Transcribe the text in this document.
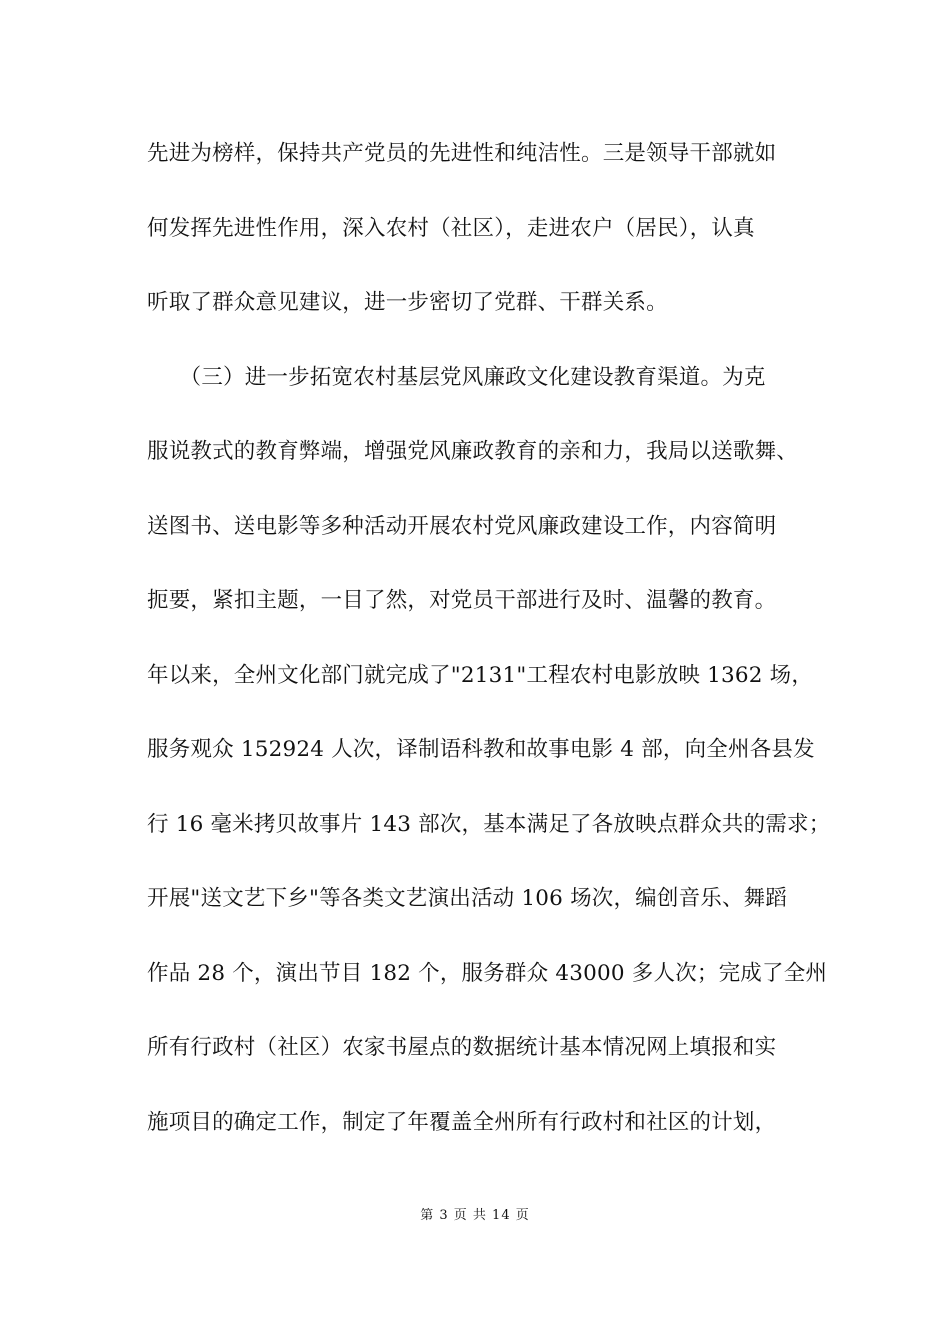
先进为榜样，保持共产党员的先进性和纯洁性。三是领导干部就如
何发挥先进性作用，深入农村（社区），走进农户（居民），认真
听取了群众意见建议，进一步密切了党群、干群关系。
　　（三）进一步拓宽农村基层党风廉政文化建设教育渠道。为克
服说教式的教育弊端，增强党风廉政教育的亲和力，我局以送歌舞、
送图书、送电影等多种活动开展农村党风廉政建设工作，内容简明
扼要，紧扣主题，一目了然，对党员干部进行及时、温馨的教育。
年以来，全州文化部门就完成了"2131"工程农村电影放映 1362 场，
服务观众 152924 人次，译制语科教和故事电影 4 部，向全州各县发
行 16 毫米拷贝故事片 143 部次，基本满足了各放映点群众共的需求；
开展"送文艺下乡"等各类文艺演出活动 106 场次，编创音乐、舞蹈
作品 28 个，演出节目 182 个，服务群众 43000 多人次；完成了全州
所有行政村（社区）农家书屋点的数据统计基本情况网上填报和实
施项目的确定工作，制定了年覆盖全州所有行政村和社区的计划，
第 3 页 共 14 页
